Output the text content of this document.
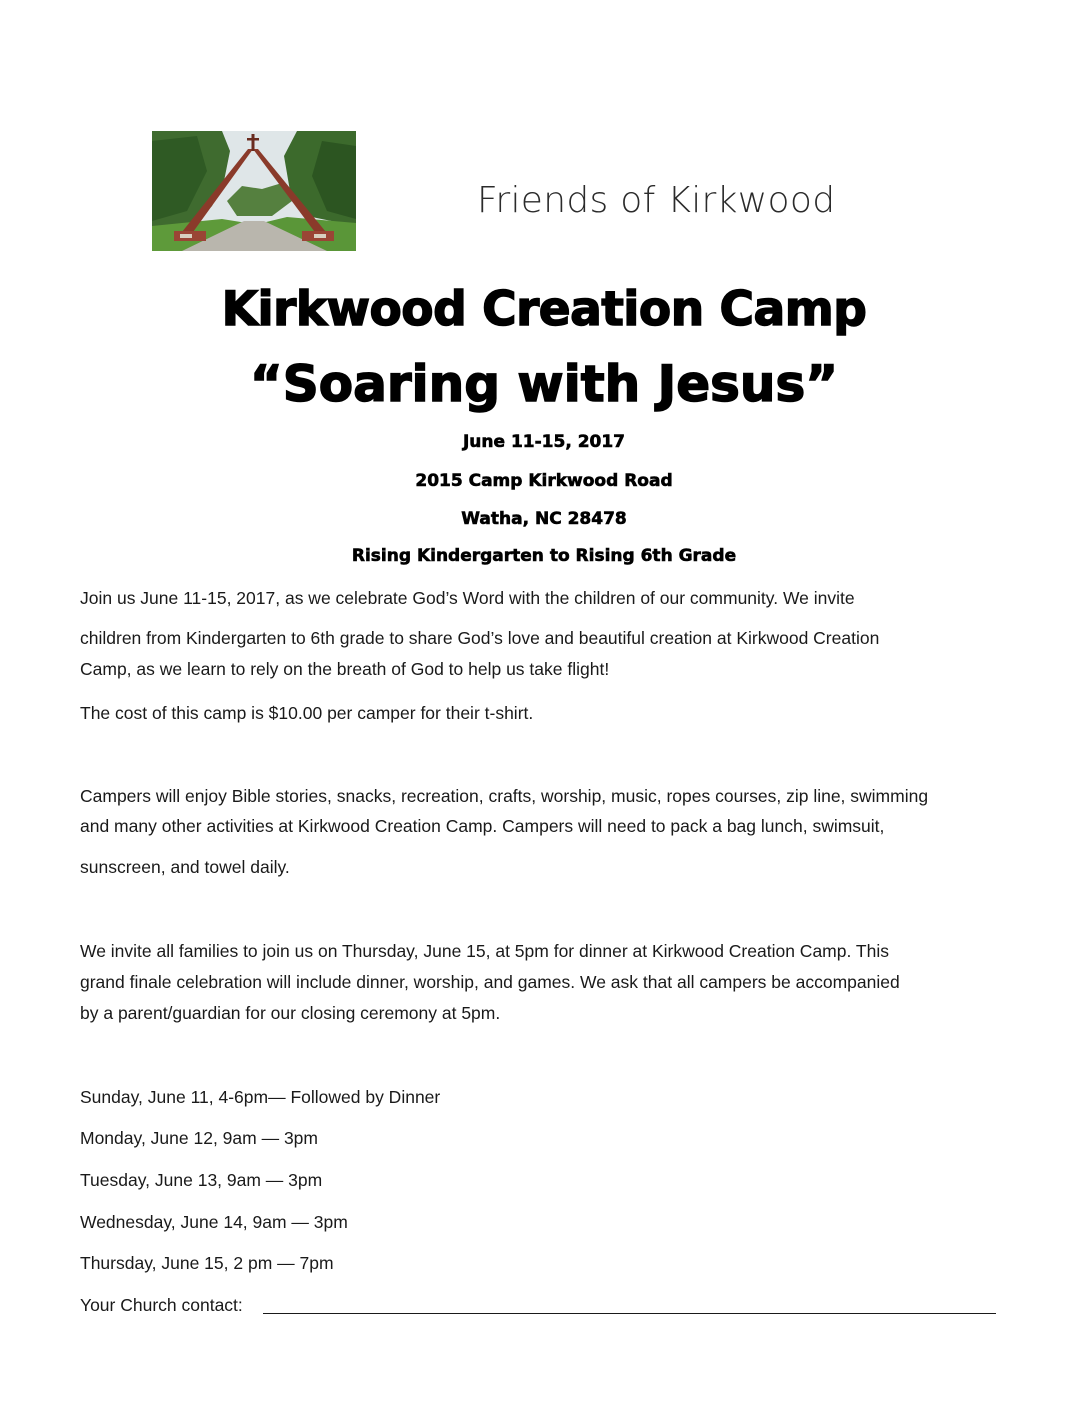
Friends of Kirkwood
Kirkwood Creation Camp
“Soaring with Jesus”
June 11-15, 2017
2015 Camp Kirkwood Road
Watha, NC 28478
Rising Kindergarten to Rising 6th Grade
Join us June 11-15, 2017, as we celebrate God’s Word with the children of our community. We invite
children from Kindergarten to 6th grade to share God’s love and beautiful creation at Kirkwood Creation
Camp, as we learn to rely on the breath of God to help us take flight!
The cost of this camp is $10.00 per camper for their t-shirt.
Campers will enjoy Bible stories, snacks, recreation, crafts, worship, music, ropes courses, zip line, swimming
and many other activities at Kirkwood Creation Camp. Campers will need to pack a bag lunch, swimsuit,
sunscreen, and towel daily.
We invite all families to join us on Thursday, June 15, at 5pm for dinner at Kirkwood Creation Camp. This
grand finale celebration will include dinner, worship, and games. We ask that all campers be accompanied
by a parent/guardian for our closing ceremony at 5pm.
Sunday, June 11, 4-6pm— Followed by Dinner
Monday, June 12, 9am — 3pm
Tuesday, June 13, 9am — 3pm
Wednesday, June 14, 9am — 3pm
Thursday, June 15, 2 pm — 7pm
Your Church contact:
